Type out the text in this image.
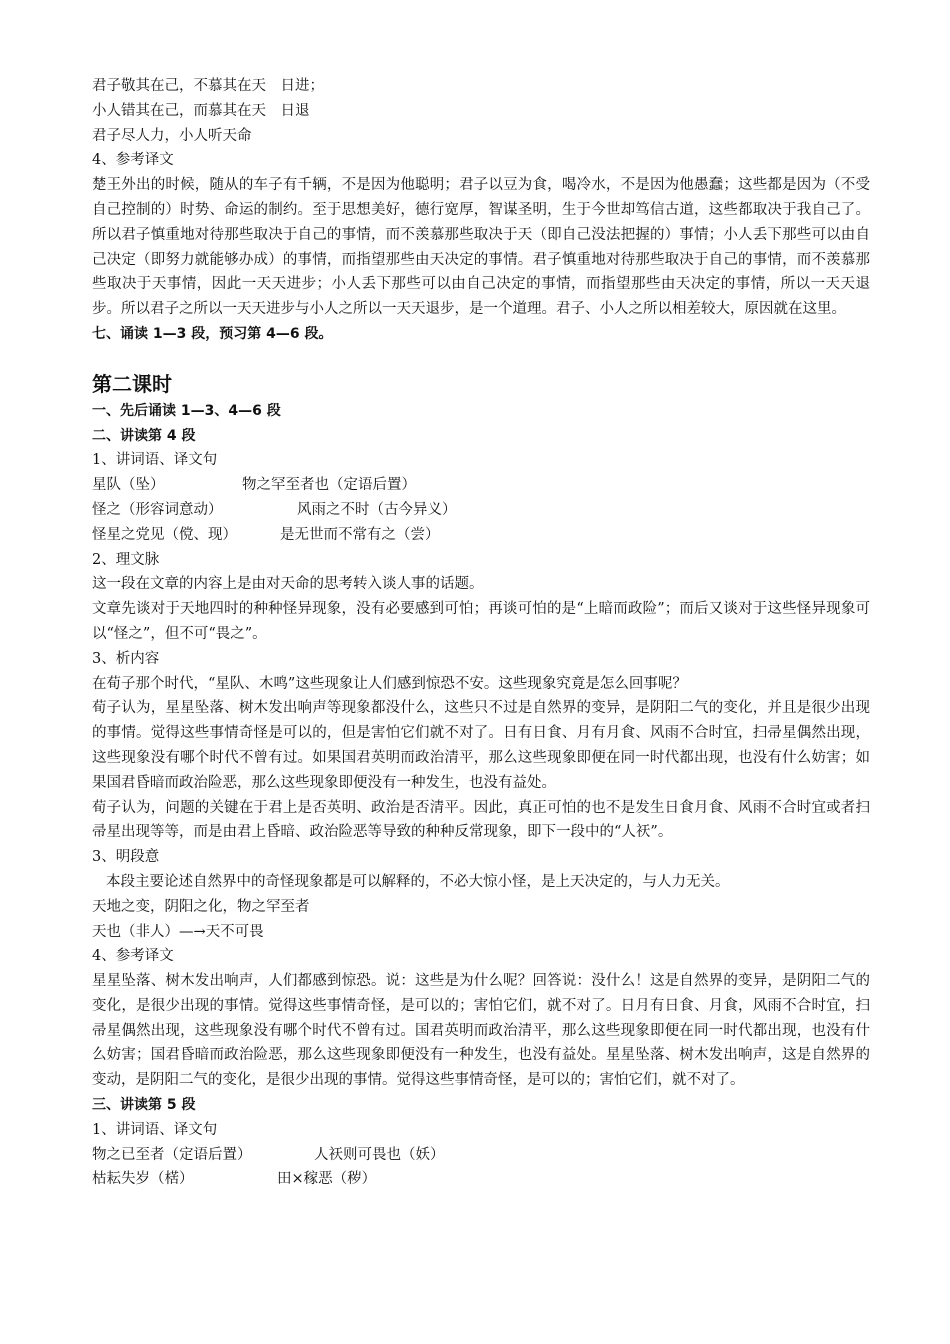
君子敬其在己，不慕其在天　日进；
小人错其在己，而慕其在天　日退
君子尽人力，小人听天命
4、参考译文
楚王外出的时候，随从的车子有千辆，不是因为他聪明；君子以豆为食，喝冷水，不是因为他愚蠢；这些都是因为（不受自己控制的）时势、命运的制约。至于思想美好，德行宽厚，智谋圣明，生于今世却笃信古道，这些都取决于我自己了。所以君子慎重地对待那些取决于自己的事情，而不羡慕那些取决于天（即自己没法把握的）事情；小人丢下那些可以由自己决定（即努力就能够办成）的事情，而指望那些由天决定的事情。君子慎重地对待那些取决于自己的事情，而不羡慕那些取决于天事情，因此一天天进步；小人丢下那些可以由自己决定的事情，而指望那些由天决定的事情，所以一天天退步。所以君子之所以一天天进步与小人之所以一天天退步，是一个道理。君子、小人之所以相差较大，原因就在这里。
七、诵读 1—3 段，预习第 4—6 段。
第二课时
一、先后诵读 1—3、4—6 段
二、讲读第 4 段
1、讲词语、译文句
星队（坠）	物之罕至者也（定语后置）
怪之（形容词意动）	风雨之不时（古今异义）
怪星之党见（傥、现）	是无世而不常有之（尝）
2、理文脉
这一段在文章的内容上是由对天命的思考转入谈人事的话题。
文章先谈对于天地四时的种种怪异现象，没有必要感到可怕；再谈可怕的是“上暗而政险”；而后又谈对于这些怪异现象可以“怪之”，但不可“畏之”。
3、析内容
在荀子那个时代，“星队、木鸣”这些现象让人们感到惊恐不安。这些现象究竟是怎么回事呢？
荀子认为，星星坠落、树木发出响声等现象都没什么，这些只不过是自然界的变异，是阴阳二气的变化，并且是很少出现的事情。觉得这些事情奇怪是可以的，但是害怕它们就不对了。日有日食、月有月食、风雨不合时宜，扫帚星偶然出现，这些现象没有哪个时代不曾有过。如果国君英明而政治清平，那么这些现象即便在同一时代都出现，也没有什么妨害；如果国君昏暗而政治险恶，那么这些现象即便没有一种发生，也没有益处。
荀子认为，问题的关键在于君上是否英明、政治是否清平。因此，真正可怕的也不是发生日食月食、风雨不合时宜或者扫帚星出现等等，而是由君上昏暗、政治险恶等导致的种种反常现象，即下一段中的“人祆”。
3、明段意
本段主要论述自然界中的奇怪现象都是可以解释的，不必大惊小怪，是上天决定的，与人力无关。
天地之变，阴阳之化，物之罕至者
天也（非人）—→天不可畏
4、参考译文
星星坠落、树木发出响声，人们都感到惊恐。说：这些是为什么呢？回答说：没什么！这是自然界的变异，是阴阳二气的变化，是很少出现的事情。觉得这些事情奇怪，是可以的；害怕它们，就不对了。日月有日食、月食，风雨不合时宜，扫帚星偶然出现，这些现象没有哪个时代不曾有过。国君英明而政治清平，那么这些现象即便在同一时代都出现，也没有什么妨害；国君昏暗而政治险恶，那么这些现象即便没有一种发生，也没有益处。星星坠落、树木发出响声，这是自然界的变动，是阴阳二气的变化，是很少出现的事情。觉得这些事情奇怪，是可以的；害怕它们，就不对了。
三、讲读第 5 段
1、讲词语、译文句
物之已至者（定语后置）	人祆则可畏也（妖）
枯耘失岁（楛）	田×稼恶（秽）
